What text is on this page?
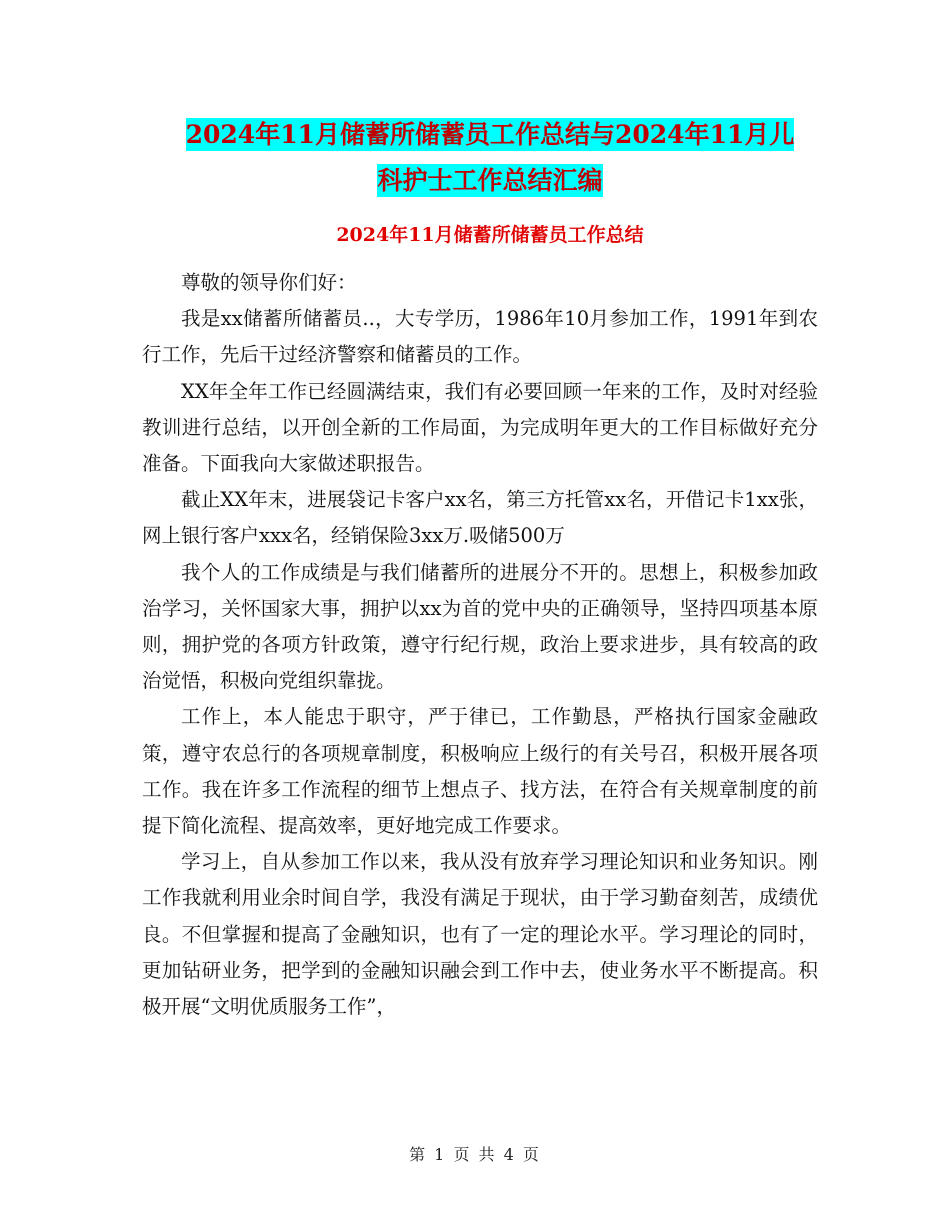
2024年11月储蓄所储蓄员工作总结与2024年11月儿
科护士工作总结汇编
2024年11月储蓄所储蓄员工作总结

尊敬的领导你们好：

我是xx储蓄所储蓄员..，大专学历，1986年10月参加工作，1991年到农行工作，先后干过经济警察和储蓄员的工作。

XX年全年工作已经圆满结束，我们有必要回顾一年来的工作，及时对经验教训进行总结，以开创全新的工作局面，为完成明年更大的工作目标做好充分准备。下面我向大家做述职报告。

截止XX年末，进展袋记卡客户xx名，第三方托管xx名，开借记卡1xx张，网上银行客户xxx名，经销保险3xx万.吸储500万

我个人的工作成绩是与我们储蓄所的进展分不开的。思想上，积极参加政治学习，关怀国家大事，拥护以xx为首的党中央的正确领导，坚持四项基本原则，拥护党的各项方针政策，遵守行纪行规，政治上要求进步，具有较高的政治觉悟，积极向党组织靠拢。

工作上，本人能忠于职守，严于律已，工作勤恳，严格执行国家金融政策，遵守农总行的各项规章制度，积极响应上级行的有关号召，积极开展各项工作。我在许多工作流程的细节上想点子、找方法，在符合有关规章制度的前提下简化流程、提高效率，更好地完成工作要求。

学习上，自从参加工作以来，我从没有放弃学习理论知识和业务知识。刚工作我就利用业余时间自学，我没有满足于现状，由于学习勤奋刻苦，成绩优良。不但掌握和提高了金融知识，也有了一定的理论水平。学习理论的同时，更加钻研业务，把学到的金融知识融会到工作中去，使业务水平不断提高。积极开展“文明优质服务工作”，

第 1 页 共 4 页
